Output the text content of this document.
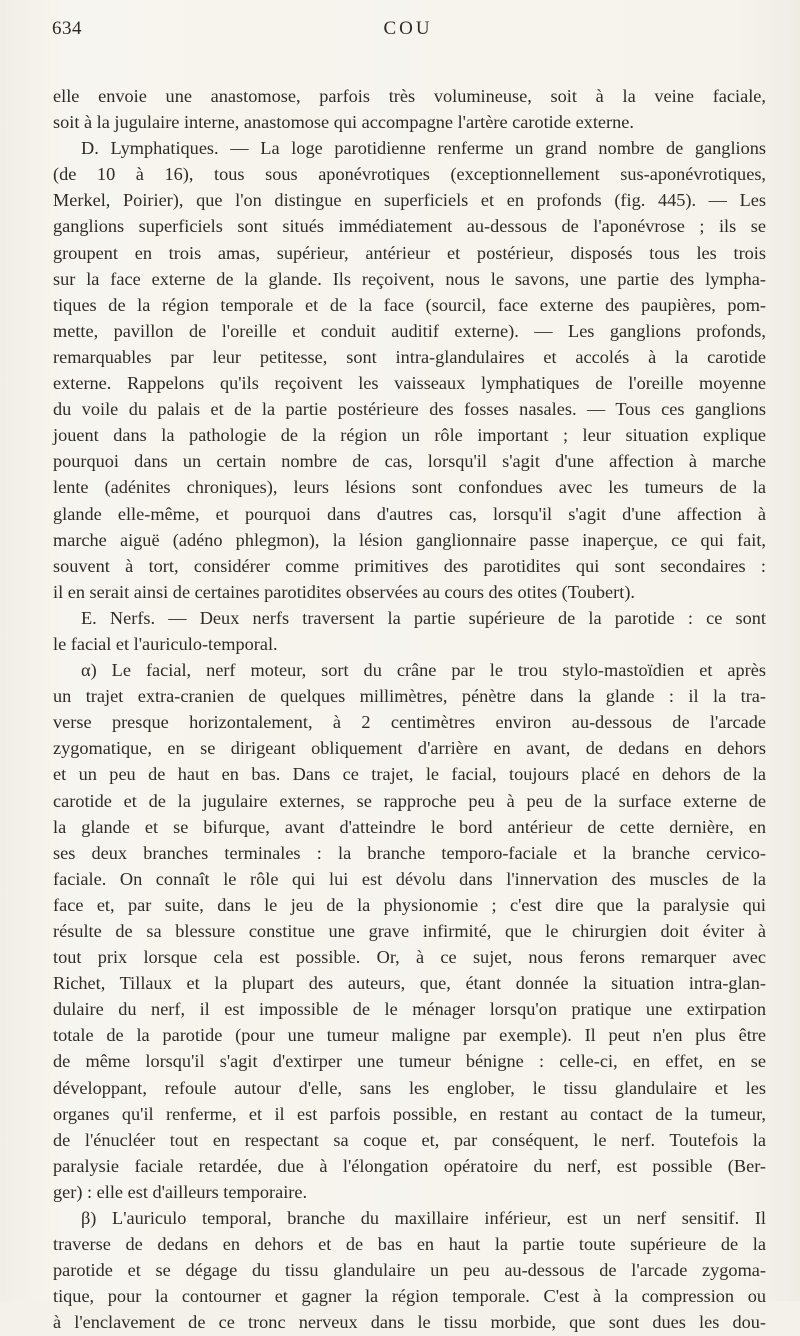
634	COU

elle envoie une anastomose, parfois très volumineuse, soit à la veine faciale,

soit à la jugulaire interne, anastomose qui accompagne l'artère carotide externe.

D. Lymphatiques. — La loge parotidienne renferme un grand nombre de ganglions

(de 10 à 16), tous sous aponévrotiques (exceptionnellement sus-aponévrotiques,

Merkel, Poirier), que l'on distingue en superficiels et en profonds (fig. 445). — Les

ganglions superficiels sont situés immédiatement au-dessous de l'aponévrose ; ils se

groupent en trois amas, supérieur, antérieur et postérieur, disposés tous les trois

sur la face externe de la glande. Ils reçoivent, nous le savons, une partie des lympha-

tiques de la région temporale et de la face (sourcil, face externe des paupières, pom-

mette, pavillon de l'oreille et conduit auditif externe). — Les ganglions profonds,

remarquables par leur petitesse, sont intra-glandulaires et accolés à la carotide

externe. Rappelons qu'ils reçoivent les vaisseaux lymphatiques de l'oreille moyenne

du voile du palais et de la partie postérieure des fosses nasales. — Tous ces ganglions

jouent dans la pathologie de la région un rôle important ; leur situation explique

pourquoi dans un certain nombre de cas, lorsqu'il s'agit d'une affection à marche

lente (adénites chroniques), leurs lésions sont confondues avec les tumeurs de la

glande elle-même, et pourquoi dans d'autres cas, lorsqu'il s'agit d'une affection à

marche aiguë (adéno phlegmon), la lésion ganglionnaire passe inaperçue, ce qui fait,

souvent à tort, considérer comme primitives des parotidites qui sont secondaires :

il en serait ainsi de certaines parotidites observées au cours des otites (Toubert).

E. Nerfs. — Deux nerfs traversent la partie supérieure de la parotide : ce sont

le facial et l'auriculo-temporal.

α) Le facial, nerf moteur, sort du crâne par le trou stylo-mastoïdien et après

un trajet extra-cranien de quelques millimètres, pénètre dans la glande : il la tra-

verse presque horizontalement, à 2 centimètres environ au-dessous de l'arcade

zygomatique, en se dirigeant obliquement d'arrière en avant, de dedans en dehors

et un peu de haut en bas. Dans ce trajet, le facial, toujours placé en dehors de la

carotide et de la jugulaire externes, se rapproche peu à peu de la surface externe de

la glande et se bifurque, avant d'atteindre le bord antérieur de cette dernière, en

ses deux branches terminales : la branche temporo-faciale et la branche cervico-

faciale. On connaît le rôle qui lui est dévolu dans l'innervation des muscles de la

face et, par suite, dans le jeu de la physionomie ; c'est dire que la paralysie qui

résulte de sa blessure constitue une grave infirmité, que le chirurgien doit éviter à

tout prix lorsque cela est possible. Or, à ce sujet, nous ferons remarquer avec

Richet, Tillaux et la plupart des auteurs, que, étant donnée la situation intra-glan-

dulaire du nerf, il est impossible de le ménager lorsqu'on pratique une extirpation

totale de la parotide (pour une tumeur maligne par exemple). Il peut n'en plus être

de même lorsqu'il s'agit d'extirper une tumeur bénigne : celle-ci, en effet, en se

développant, refoule autour d'elle, sans les englober, le tissu glandulaire et les

organes qu'il renferme, et il est parfois possible, en restant au contact de la tumeur,

de l'énucléer tout en respectant sa coque et, par conséquent, le nerf. Toutefois la

paralysie faciale retardée, due à l'élongation opératoire du nerf, est possible (Ber-

ger) : elle est d'ailleurs temporaire.

β) L'auriculo temporal, branche du maxillaire inférieur, est un nerf sensitif. Il

traverse de dedans en dehors et de bas en haut la partie toute supérieure de la

parotide et se dégage du tissu glandulaire un peu au-dessous de l'arcade zygoma-

tique, pour la contourner et gagner la région temporale. C'est à la compression ou

à l'enclavement de ce tronc nerveux dans le tissu morbide, que sont dues les dou-
